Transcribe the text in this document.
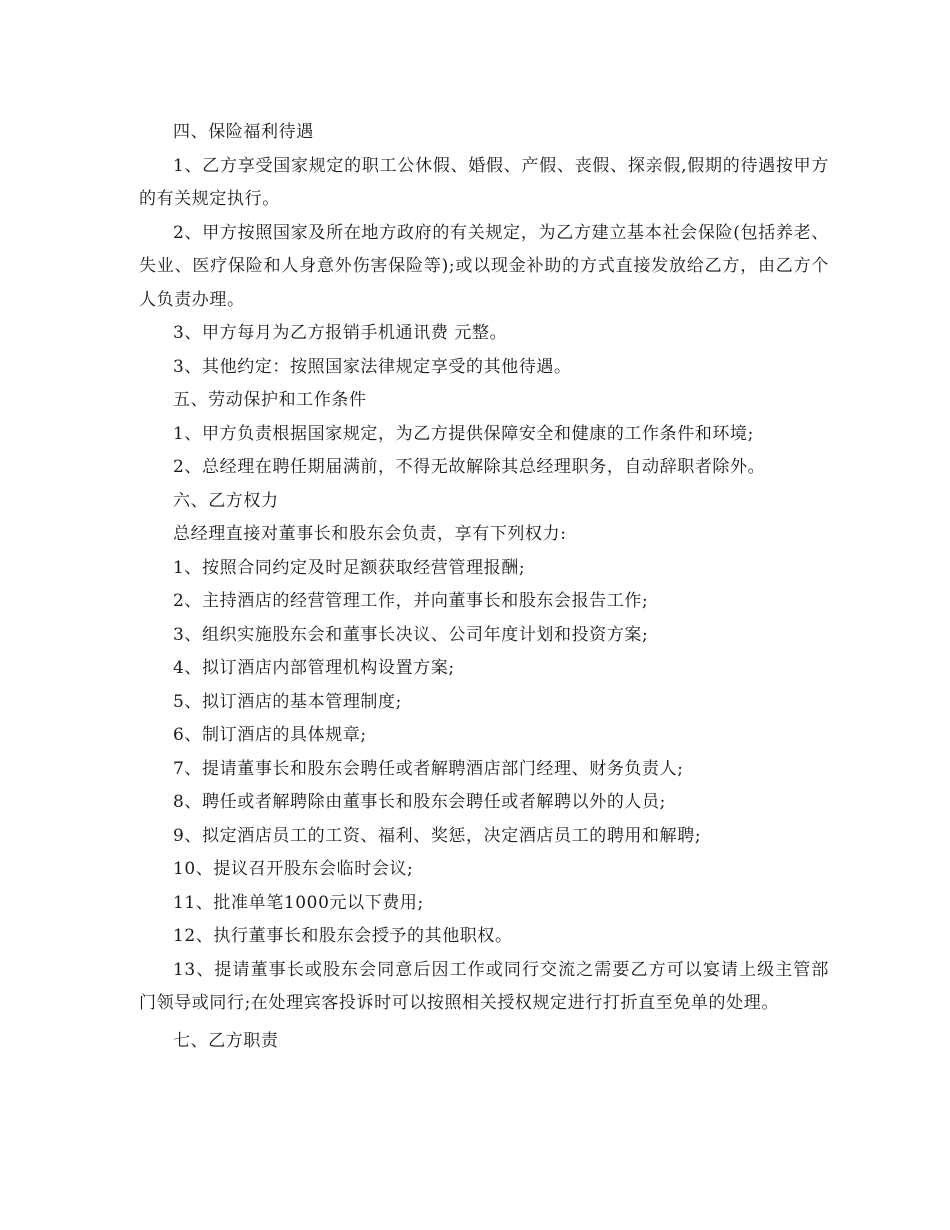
四、保险福利待遇

1、乙方享受国家规定的职工公休假、婚假、产假、丧假、探亲假,假期的待遇按甲方的有关规定执行。

2、甲方按照国家及所在地方政府的有关规定，为乙方建立基本社会保险(包括养老、失业、医疗保险和人身意外伤害保险等);或以现金补助的方式直接发放给乙方，由乙方个人负责办理。

3、甲方每月为乙方报销手机通讯费 元整。

3、其他约定：按照国家法律规定享受的其他待遇。

五、劳动保护和工作条件

1、甲方负责根据国家规定，为乙方提供保障安全和健康的工作条件和环境;

2、总经理在聘任期届满前，不得无故解除其总经理职务，自动辞职者除外。

六、乙方权力

总经理直接对董事长和股东会负责，享有下列权力:

1、按照合同约定及时足额获取经营管理报酬;

2、主持酒店的经营管理工作，并向董事长和股东会报告工作;

3、组织实施股东会和董事长决议、公司年度计划和投资方案;

4、拟订酒店内部管理机构设置方案;

5、拟订酒店的基本管理制度;

6、制订酒店的具体规章;

7、提请董事长和股东会聘任或者解聘酒店部门经理、财务负责人;

8、聘任或者解聘除由董事长和股东会聘任或者解聘以外的人员;

9、拟定酒店员工的工资、福利、奖惩，决定酒店员工的聘用和解聘;

10、提议召开股东会临时会议;

11、批准单笔1000元以下费用;

12、执行董事长和股东会授予的其他职权。

13、提请董事长或股东会同意后因工作或同行交流之需要乙方可以宴请上级主管部门领导或同行;在处理宾客投诉时可以按照相关授权规定进行打折直至免单的处理。

七、乙方职责
